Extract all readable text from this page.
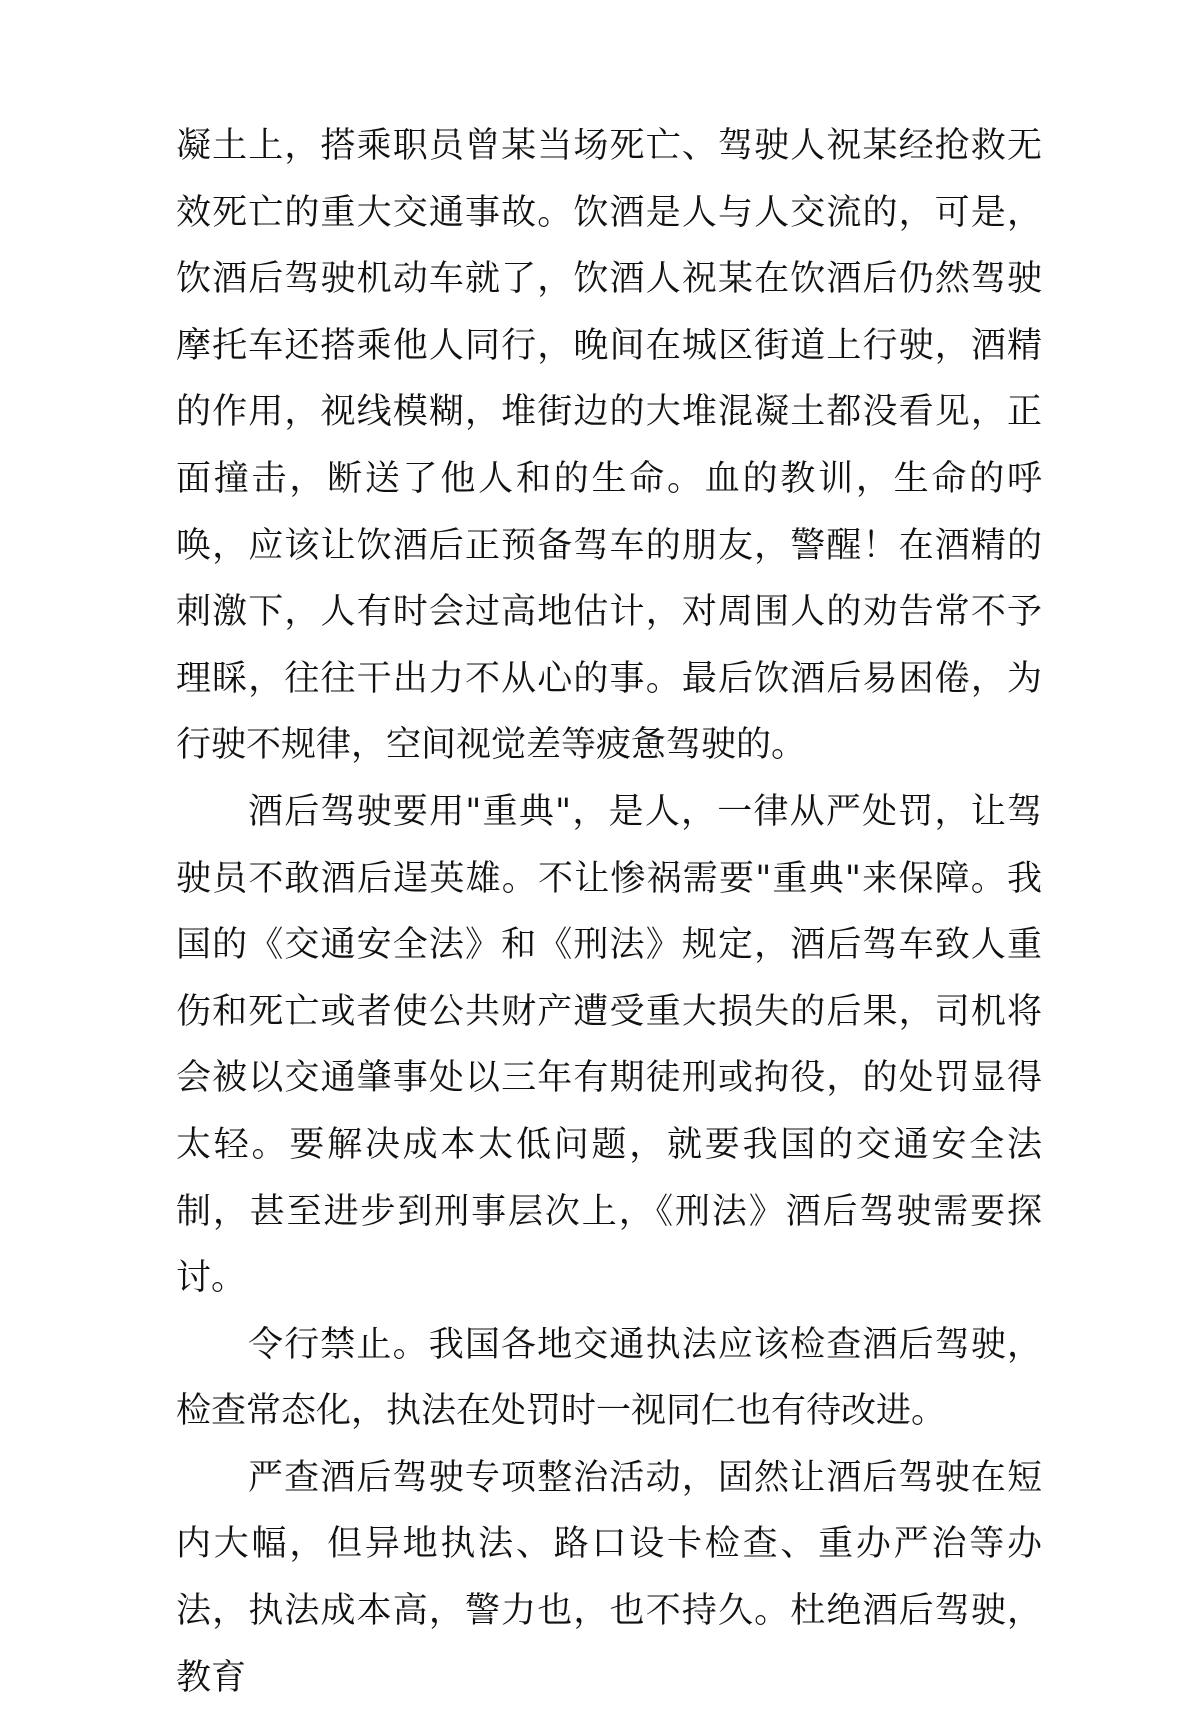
凝土上，搭乘职员曾某当场死亡、驾驶人祝某经抢救无效死亡的重大交通事故。饮酒是人与人交流的，可是，饮酒后驾驶机动车就了，饮酒人祝某在饮酒后仍然驾驶摩托车还搭乘他人同行，晚间在城区街道上行驶，酒精的作用，视线模糊，堆街边的大堆混凝土都没看见，正面撞击，断送了他人和的生命。血的教训，生命的呼唤，应该让饮酒后正预备驾车的朋友，警醒！在酒精的刺激下，人有时会过高地估计，对周围人的劝告常不予理睬，往往干出力不从心的事。最后饮酒后易困倦，为行驶不规律，空间视觉差等疲惫驾驶的。

酒后驾驶要用"重典"，是人，一律从严处罚，让驾驶员不敢酒后逞英雄。不让惨祸需要"重典"来保障。我国的《交通安全法》和《刑法》规定，酒后驾车致人重伤和死亡或者使公共财产遭受重大损失的后果，司机将会被以交通肇事处以三年有期徒刑或拘役，的处罚显得太轻。要解决成本太低问题，就要我国的交通安全法制，甚至进步到刑事层次上，《刑法》酒后驾驶需要探讨。

令行禁止。我国各地交通执法应该检查酒后驾驶，检查常态化，执法在处罚时一视同仁也有待改进。

严查酒后驾驶专项整治活动，固然让酒后驾驶在短内大幅，但异地执法、路口设卡检查、重办严治等办法，执法成本高，警力也，也不持久。杜绝酒后驾驶，教育
